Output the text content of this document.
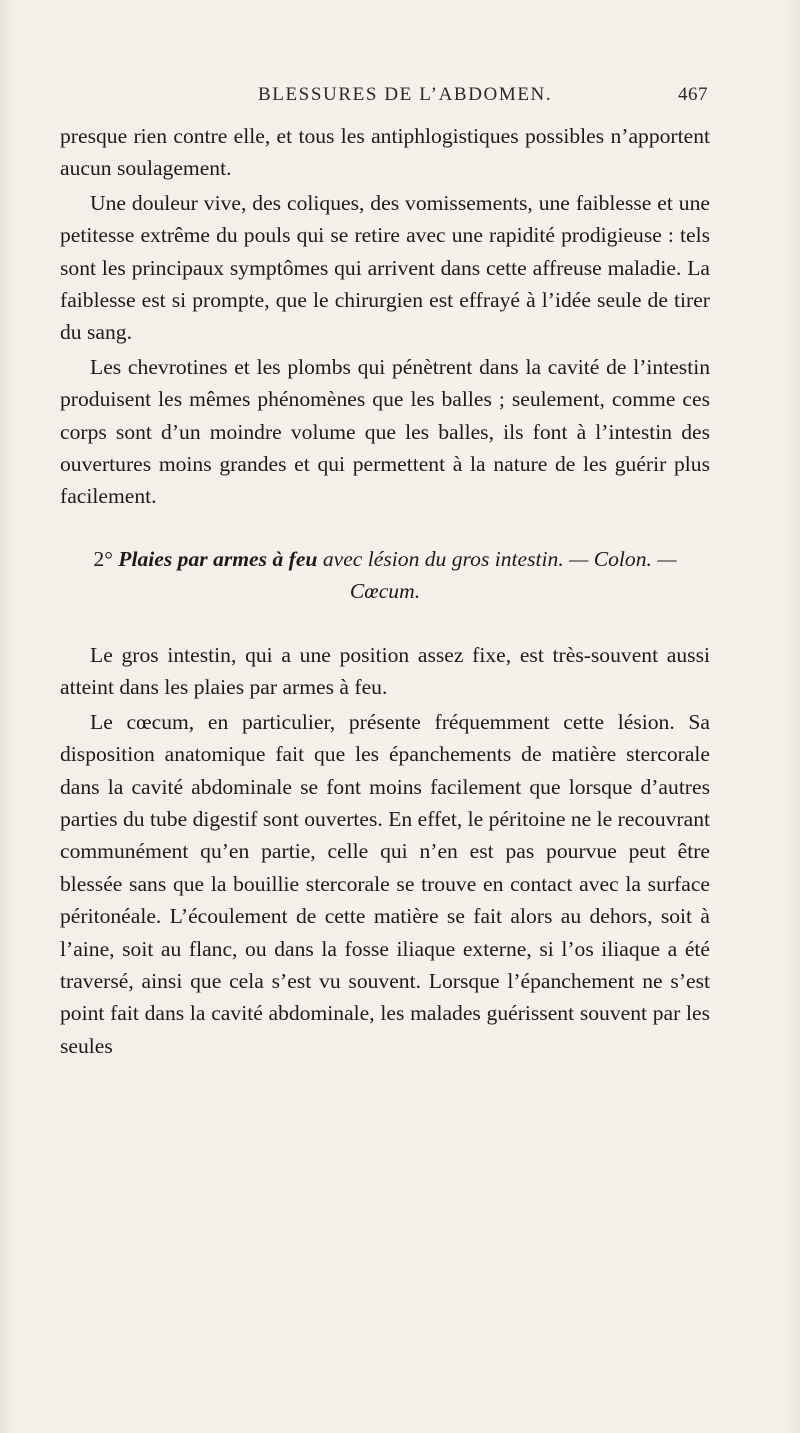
BLESSURES DE L’ABDOMEN.	467

presque rien contre elle, et tous les antiphlogistiques possibles n’apportent aucun soulagement.

Une douleur vive, des coliques, des vomissements, une faiblesse et une petitesse extrême du pouls qui se retire avec une rapidité prodigieuse : tels sont les principaux symptômes qui arrivent dans cette affreuse maladie. La faiblesse est si prompte, que le chirurgien est effrayé à l’idée seule de tirer du sang.

Les chevrotines et les plombs qui pénètrent dans la cavité de l’intestin produisent les mêmes phénomènes que les balles ; seulement, comme ces corps sont d’un moindre volume que les balles, ils font à l’intestin des ouvertures moins grandes et qui permettent à la nature de les guérir plus facilement.

2° Plaies par armes à feu avec lésion du gros intestin. — Colon. — Cœcum.

Le gros intestin, qui a une position assez fixe, est très-souvent aussi atteint dans les plaies par armes à feu.

Le cœcum, en particulier, présente fréquemment cette lésion. Sa disposition anatomique fait que les épanchements de matière stercorale dans la cavité abdominale se font moins facilement que lorsque d’autres parties du tube digestif sont ouvertes. En effet, le péritoine ne le recouvrant communément qu’en partie, celle qui n’en est pas pourvue peut être blessée sans que la bouillie stercorale se trouve en contact avec la surface péritonéale. L’écoulement de cette matière se fait alors au dehors, soit à l’aine, soit au flanc, ou dans la fosse iliaque externe, si l’os iliaque a été traversé, ainsi que cela s’est vu souvent. Lorsque l’épanchement ne s’est point fait dans la cavité abdominale, les malades guérissent souvent par les seules
